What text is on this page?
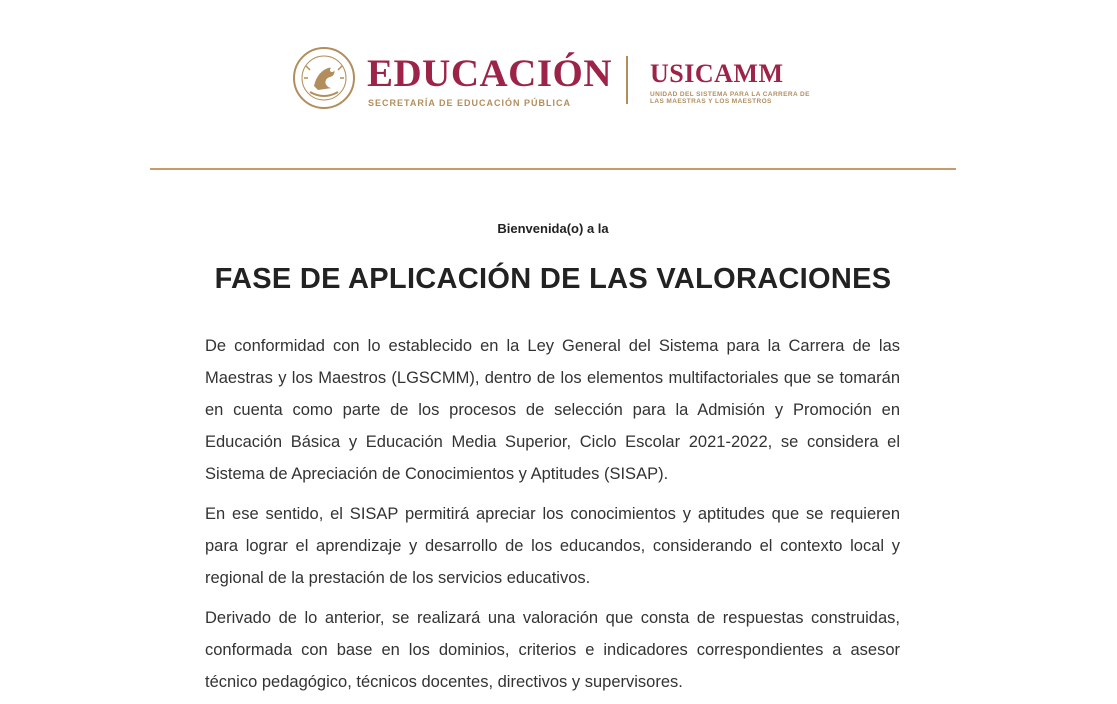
EDUCACIÓN
SECRETARÍA DE EDUCACIÓN PÚBLICA
USICAMM
UNIDAD DEL SISTEMA PARA LA CARRERA DE LAS MAESTRAS Y LOS MAESTROS
Bienvenida(o) a la
FASE DE APLICACIÓN DE LAS VALORACIONES

De conformidad con lo establecido en la Ley General del Sistema para la Carrera de las Maestras y los Maestros (LGSCMM), dentro de los elementos multifactoriales que se tomarán en cuenta como parte de los procesos de selección para la Admisión y Promoción en Educación Básica y Educación Media Superior, Ciclo Escolar 2021-2022, se considera el Sistema de Apreciación de Conocimientos y Aptitudes (SISAP).

En ese sentido, el SISAP permitirá apreciar los conocimientos y aptitudes que se requieren para lograr el aprendizaje y desarrollo de los educandos, considerando el contexto local y regional de la prestación de los servicios educativos.

Derivado de lo anterior, se realizará una valoración que consta de respuestas construidas, conformada con base en los dominios, criterios e indicadores correspondientes a asesor técnico pedagógico, técnicos docentes, directivos y supervisores.
